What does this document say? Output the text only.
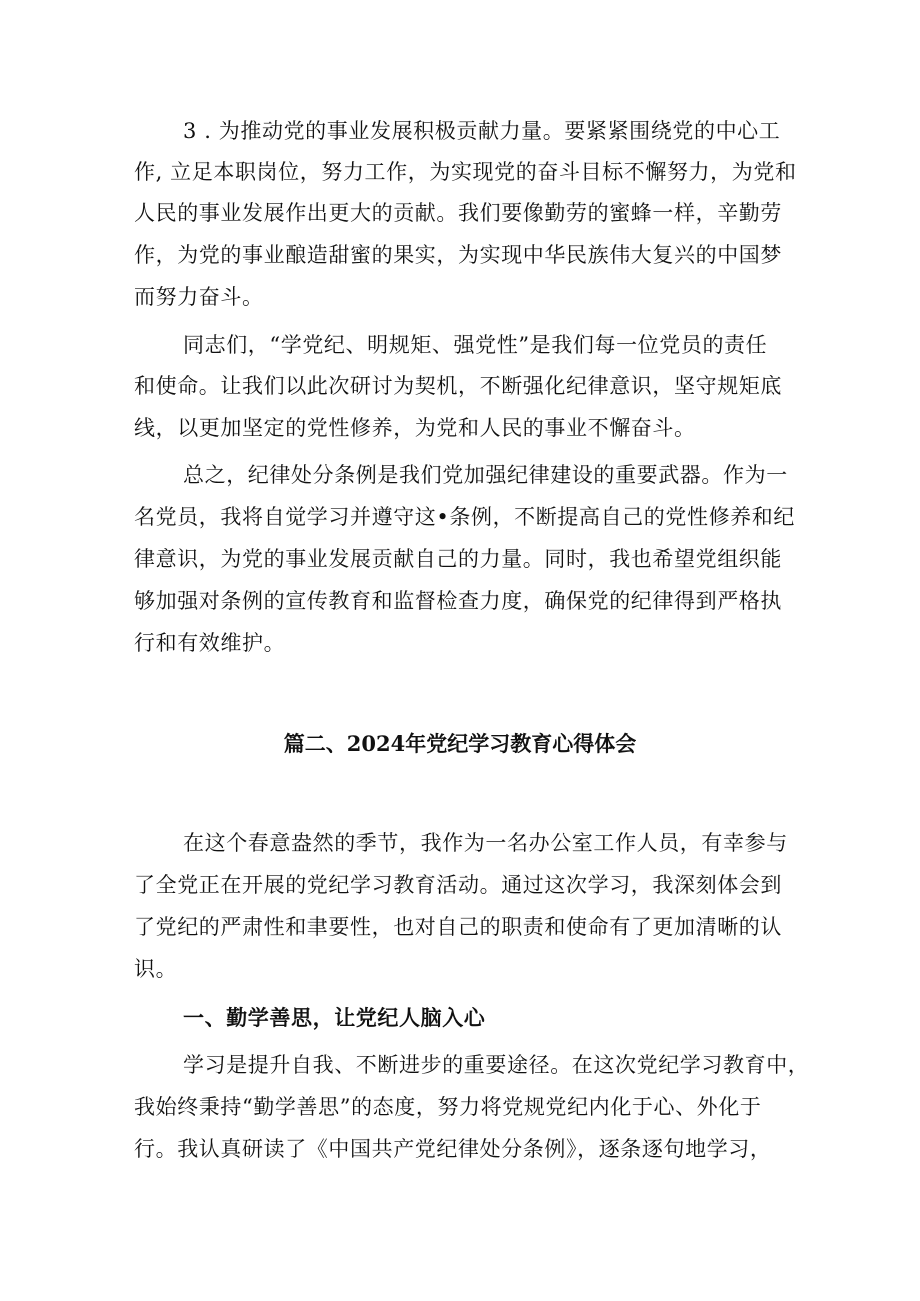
3 . 为推动党的事业发展积极贡献力量。要紧紧围绕党的中心工
作, 立足本职岗位，努力工作，为实现党的奋斗目标不懈努力，为党和
人民的事业发展作出更大的贡献。我们要像勤劳的蜜蜂一样，辛勤劳
作，为党的事业酿造甜蜜的果实，为实现中华民族伟大复兴的中国梦
而努力奋斗。
同志们，“学党纪、明规矩、强党性”是我们每一位党员的责任
和使命。让我们以此次研讨为契机，不断强化纪律意识，坚守规矩底
线，以更加坚定的党性修养，为党和人民的事业不懈奋斗。
总之，纪律处分条例是我们党加强纪律建设的重要武器。作为一
名党员，我将自觉学习并遵守这•条例，不断提高自己的党性修养和纪
律意识，为党的事业发展贡献自己的力量。同时，我也希望党组织能
够加强对条例的宣传教育和监督检查力度，确保党的纪律得到严格执
行和有效维护。
篇二、2024年党纪学习教育心得体会
在这个春意盎然的季节，我作为一名办公室工作人员，有幸参与
了全党正在开展的党纪学习教育活动。通过这次学习，我深刻体会到
了党纪的严肃性和聿要性，也对自己的职责和使命有了更加清晰的认
识。
一、勤学善思，让党纪人脑入心
学习是提升自我、不断进步的重要途径。在这次党纪学习教育中，
我始终秉持“勤学善思”的态度，努力将党规党纪内化于心、外化于
行。我认真研读了《中国共产党纪律处分条例》，逐条逐句地学习，
